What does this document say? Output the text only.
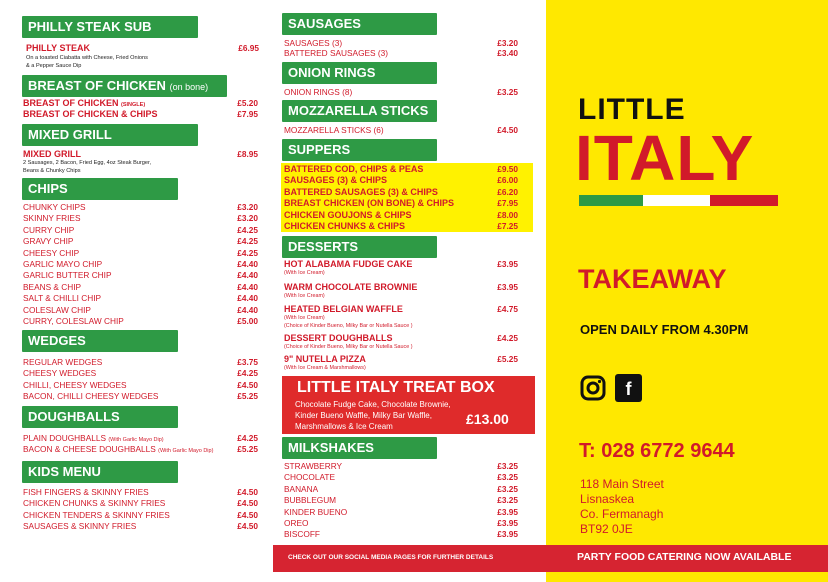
PHILLY STEAK SUB
PHILLY STEAK	£6.95
On a toasted Ciabatta with Cheese, Fried Onions
& a Pepper Sauce Dip
BREAST OF CHICKEN (on bone)
BREAST OF CHICKEN (SINGLE)	£5.20
BREAST OF CHICKEN & CHIPS	£7.95
MIXED GRILL
MIXED GRILL	£8.95
2 Sausages, 2 Bacon, Fried Egg, 4oz Steak Burger,
Beans & Chunky Chips
CHIPS
CHUNKY CHIPS	£3.20
SKINNY FRIES	£3.20
CURRY CHIP	£4.25
GRAVY CHIP	£4.25
CHEESY CHIP	£4.25
GARLIC MAYO CHIP	£4.40
GARLIC BUTTER CHIP	£4.40
BEANS & CHIP	£4.40
SALT & CHILLI CHIP	£4.40
COLESLAW CHIP	£4.40
CURRY, COLESLAW CHIP	£5.00
WEDGES
REGULAR WEDGES	£3.75
CHEESY WEDGES	£4.25
CHILLI, CHEESY WEDGES	£4.50
BACON, CHILLI CHEESY WEDGES	£5.25
DOUGHBALLS
PLAIN DOUGHBALLS (With Garlic Mayo Dip)	£4.25
BACON & CHEESE DOUGHBALLS (With Garlic Mayo Dip)	£5.25
KIDS MENU
FISH FINGERS & SKINNY FRIES	£4.50
CHICKEN CHUNKS & SKINNY FRIES	£4.50
CHICKEN TENDERS & SKINNY FRIES	£4.50
SAUSAGES & SKINNY FRIES	£4.50
SAUSAGES
SAUSAGES (3)	£3.20
BATTERED SAUSAGES (3)	£3.40
ONION RINGS
ONION RINGS (8)	£3.25
MOZZARELLA STICKS
MOZZARELLA STICKS (6)	£4.50
SUPPERS
BATTERED COD, CHIPS & PEAS	£9.50
SAUSAGES (3) & CHIPS	£6.00
BATTERED SAUSAGES (3) & CHIPS	£6.20
BREAST CHICKEN (ON BONE) & CHIPS	£7.95
CHICKEN GOUJONS & CHIPS	£8.00
CHICKEN CHUNKS & CHIPS	£7.25
DESSERTS
HOT ALABAMA FUDGE CAKE	£3.95
(With Ice Cream)
WARM CHOCOLATE BROWNIE	£3.95
(With Ice Cream)
HEATED BELGIAN WAFFLE	£4.75
(With Ice Cream)
(Choice of Kinder Bueno, Milky Bar or Nutella Sauce )
DESSERT DOUGHBALLS	£4.25
(Choice of Kinder Bueno, Milky Bar or Nutella Sauce )
9" NUTELLA PIZZA	£5.25
(With Ice Cream & Marshmallows)
LITTLE ITALY TREAT BOX
Chocolate Fudge Cake, Chocolate Brownie,
Kinder Bueno Waffle, Milky Bar Waffle,
Marshmallows & Ice Cream	£13.00
MILKSHAKES
STRAWBERRY	£3.25
CHOCOLATE	£3.25
BANANA	£3.25
BUBBLEGUM	£3.25
KINDER BUENO	£3.95
OREO	£3.95
BISCOFF	£3.95
LITTLE
ITALY
TAKEAWAY
OPEN DAILY FROM 4.30PM
f
T: 028 6772 9644
118 Main Street
Lisnaskea
Co. Fermanagh
BT92 0JE
CHECK OUT OUR SOCIAL MEDIA PAGES FOR FURTHER DETAILS	PARTY FOOD CATERING NOW AVAILABLE
